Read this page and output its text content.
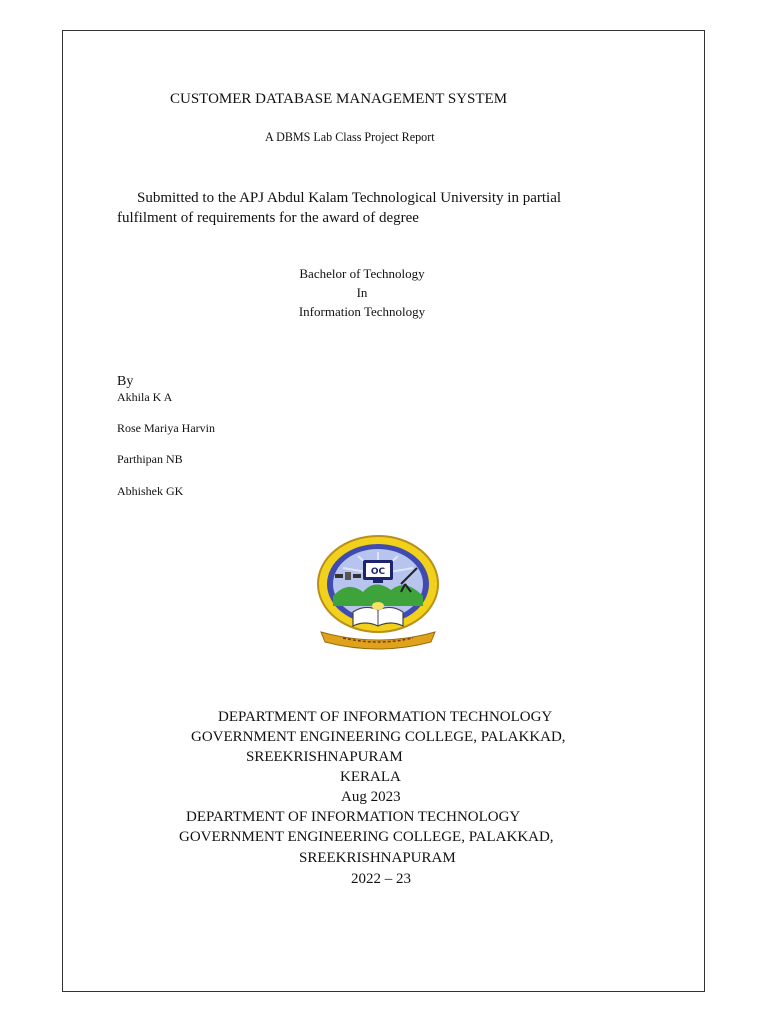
CUSTOMER DATABASE MANAGEMENT SYSTEM
A DBMS Lab Class Project Report
Submitted to the APJ Abdul Kalam Technological University in partial
fulfilment of requirements for the award of degree
Bachelor of Technology
In
Information Technology
By
Akhila K A
Rose Mariya Harvin
Parthipan NB
Abhishek GK
OC
DEPARTMENT OF INFORMATION TECHNOLOGY
GOVERNMENT ENGINEERING COLLEGE, PALAKKAD,
SREEKRISHNAPURAM
KERALA
Aug 2023
DEPARTMENT OF INFORMATION TECHNOLOGY
GOVERNMENT ENGINEERING COLLEGE, PALAKKAD,
SREEKRISHNAPURAM
2022 – 23
